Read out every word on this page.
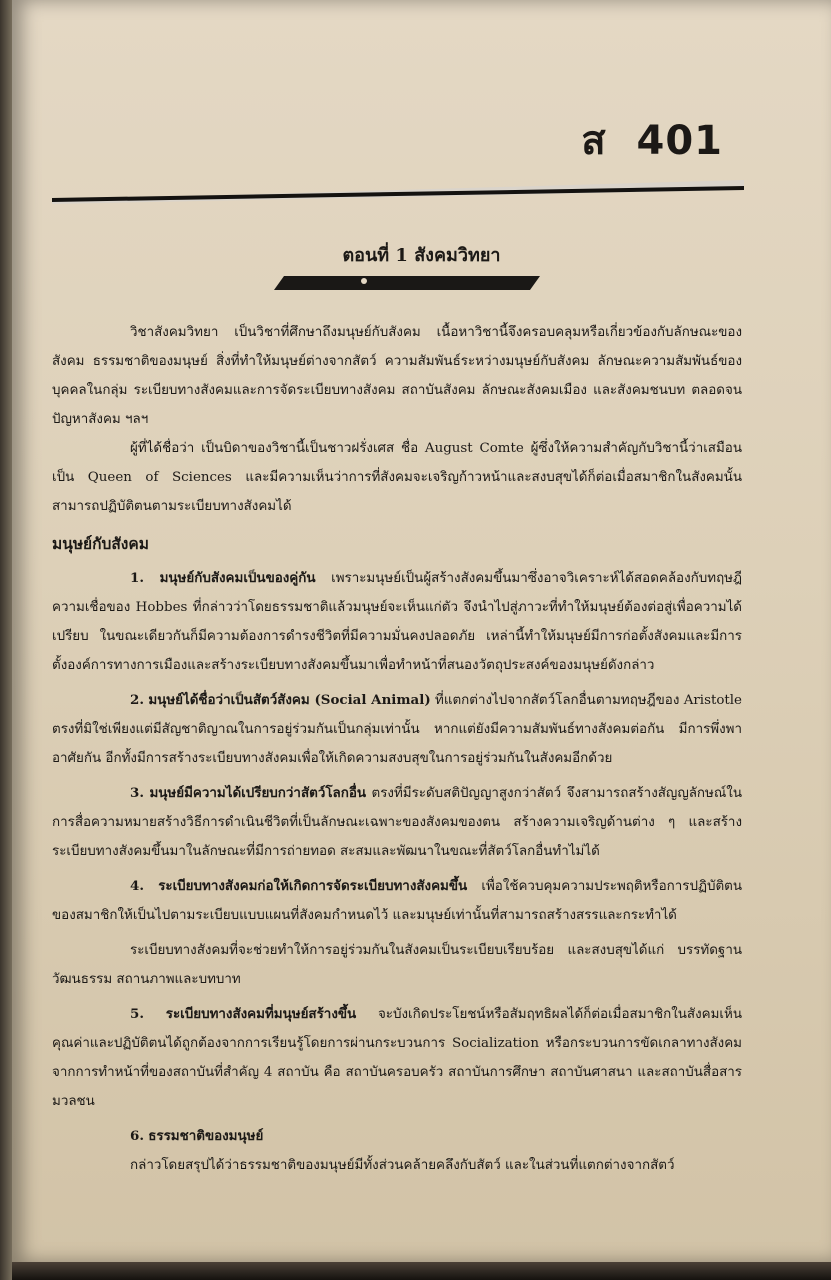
ส  401
ตอนที่ 1 สังคมวิทยา

วิชาสังคมวิทยา เป็นวิชาที่ศึกษาถึงมนุษย์กับสังคม เนื้อหาวิชานี้จึงครอบคลุมหรือเกี่ยวข้องกับลักษณะของสังคม ธรรมชาติของมนุษย์ สิ่งที่ทำให้มนุษย์ต่างจากสัตว์ ความสัมพันธ์ระหว่างมนุษย์กับสังคม ลักษณะความสัมพันธ์ของบุคคลในกลุ่ม ระเบียบทางสังคมและการจัดระเบียบทางสังคม สถาบันสังคม ลักษณะสังคมเมือง และสังคมชนบท ตลอดจนปัญหาสังคม ฯลฯ

ผู้ที่ได้ชื่อว่า เป็นบิดาของวิชานี้เป็นชาวฝรั่งเศส ชื่อ August Comte ผู้ซึ่งให้ความสำคัญกับวิชานี้ว่าเสมือนเป็น Queen of Sciences และมีความเห็นว่าการที่สังคมจะเจริญก้าวหน้าและสงบสุขได้ก็ต่อเมื่อสมาชิกในสังคมนั้นสามารถปฏิบัติตนตามระเบียบทางสังคมได้

มนุษย์กับสังคม

1. มนุษย์กับสังคมเป็นของคู่กัน เพราะมนุษย์เป็นผู้สร้างสังคมขึ้นมาซึ่งอาจวิเคราะห์ได้สอดคล้องกับทฤษฎีความเชื่อของ Hobbes ที่กล่าวว่าโดยธรรมชาติแล้วมนุษย์จะเห็นแก่ตัว จึงนำไปสู่ภาวะที่ทำให้มนุษย์ต้องต่อสู่เพื่อความได้เปรียบ ในขณะเดียวกันก็มีความต้องการดำรงชีวิตที่มีความมั่นคงปลอดภัย เหล่านี้ทำให้มนุษย์มีการก่อตั้งสังคมและมีการตั้งองค์การทางการเมืองและสร้างระเบียบทางสังคมขึ้นมาเพื่อทำหน้าที่สนองวัตถุประสงค์ของมนุษย์ดังกล่าว

2. มนุษย์ได้ชื่อว่าเป็นสัตว์สังคม (Social Animal) ที่แตกต่างไปจากสัตว์โลกอื่นตามทฤษฎีของ Aristotle ตรงที่มิใช่เพียงแต่มีสัญชาติญาณในการอยู่ร่วมกันเป็นกลุ่มเท่านั้น หากแต่ยังมีความสัมพันธ์ทางสังคมต่อกัน มีการพึ่งพาอาศัยกัน อีกทั้งมีการสร้างระเบียบทางสังคมเพื่อให้เกิดความสงบสุขในการอยู่ร่วมกันในสังคมอีกด้วย

3. มนุษย์มีความได้เปรียบกว่าสัตว์โลกอื่น ตรงที่มีระดับสติปัญญาสูงกว่าสัตว์ จึงสามารถสร้างสัญญลักษณ์ในการสื่อความหมายสร้างวิธีการดำเนินชีวิตที่เป็นลักษณะเฉพาะของสังคมของตน สร้างความเจริญด้านต่าง ๆ และสร้างระเบียบทางสังคมขึ้นมาในลักษณะที่มีการถ่ายทอด สะสมและพัฒนาในขณะที่สัตว์โลกอื่นทำไม่ได้

4. ระเบียบทางสังคมก่อให้เกิดการจัดระเบียบทางสังคมขึ้น เพื่อใช้ควบคุมความประพฤติหรือการปฏิบัติตนของสมาชิกให้เป็นไปตามระเบียบแบบแผนที่สังคมกำหนดไว้ และมนุษย์เท่านั้นที่สามารถสร้างสรรและกระทำได้

ระเบียบทางสังคมที่จะช่วยทำให้การอยู่ร่วมกันในสังคมเป็นระเบียบเรียบร้อย และสงบสุขได้แก่ บรรทัดฐาน วัฒนธรรม สถานภาพและบทบาท

5. ระเบียบทางสังคมที่มนุษย์สร้างขึ้น จะบังเกิดประโยชน์หรือสัมฤทธิผลได้ก็ต่อเมื่อสมาชิกในสังคมเห็นคุณค่าและปฏิบัติตนได้ถูกต้องจากการเรียนรู้โดยการผ่านกระบวนการ Socialization หรือกระบวนการขัดเกลาทางสังคมจากการทำหน้าที่ของสถาบันที่สำคัญ 4 สถาบัน คือ สถาบันครอบครัว สถาบันการศึกษา สถาบันศาสนา และสถาบันสื่อสารมวลชน

6. ธรรมชาติของมนุษย์

กล่าวโดยสรุปได้ว่าธรรมชาติของมนุษย์มีทั้งส่วนคล้ายคลึงกับสัตว์ และในส่วนที่แตกต่างจากสัตว์
